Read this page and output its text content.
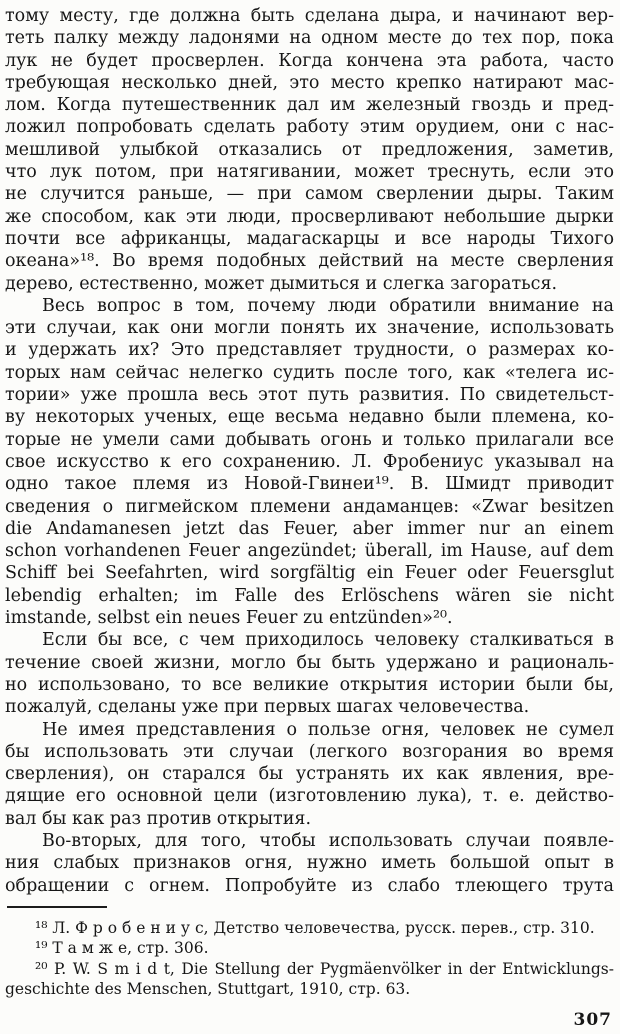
тому месту, где должна быть сделана дыра, и начинают вер-
теть палку между ладонями на одном месте до тех пор, пока
лук не будет просверлен. Когда кончена эта работа, часто
требующая несколько дней, это место крепко натирают мас-
лом. Когда путешественник дал им железный гвоздь и пред-
ложил попробовать сделать работу этим орудием, они с нас-
мешливой улыбкой отказались от предложения, заметив,
что лук потом, при натягивании, может треснуть, если это
не случится раньше, — при самом сверлении дыры. Таким
же способом, как эти люди, просверливают небольшие дырки
почти все африканцы, мадагаскарцы и все народы Тихого
океана»¹⁸. Во время подобных действий на месте сверления
дерево, естественно, может дымиться и слегка загораться.
Весь вопрос в том, почему люди обратили внимание на
эти случаи, как они могли понять их значение, использовать
и удержать их? Это представляет трудности, о размерах ко-
торых нам сейчас нелегко судить после того, как «телега ис-
тории» уже прошла весь этот путь развития. По свидетельст-
ву некоторых ученых, еще весьма недавно были племена, ко-
торые не умели сами добывать огонь и только прилагали все
свое искусство к его сохранению. Л. Фробениус указывал на
одно такое племя из Новой-Гвинеи¹⁹. В. Шмидт приводит
сведения о пигмейском племени андаманцев: «Zwar besitzen
die Andamanesen jetzt das Feuer, aber immer nur an einem
schon vorhandenen Feuer angezündet; überall, im Hause, auf dem
Schiff bei Seefahrten, wird sorgfältig ein Feuer oder Feuersglut
lebendig erhalten; im Falle des Erlöschens wären sie nicht
imstande, selbst ein neues Feuer zu entzünden»²⁰.
Если бы все, с чем приходилось человеку сталкиваться в
течение своей жизни, могло бы быть удержано и рациональ-
но использовано, то все великие открытия истории были бы,
пожалуй, сделаны уже при первых шагах человечества.
Не имея представления о пользе огня, человек не сумел
бы использовать эти случаи (легкого возгорания во время
сверления), он старался бы устранять их как явления, вре-
дящие его основной цели (изготовлению лука), т. е. действо-
вал бы как раз против открытия.
Во-вторых, для того, чтобы использовать случаи появле-
ния слабых признаков огня, нужно иметь большой опыт в
обращении с огнем. Попробуйте из слабо тлеющего трута
¹⁸ Л. Ф р о б е н и у с, Детство человечества, русск. перев., стр. 310.
¹⁹ Т а м ж е, стр. 306.
²⁰ P. W. S m i d t, Die Stellung der Pygmäenvölker in der Entwicklungs-
geschichte des Menschen, Stuttgart, 1910, стр. 63.
307
